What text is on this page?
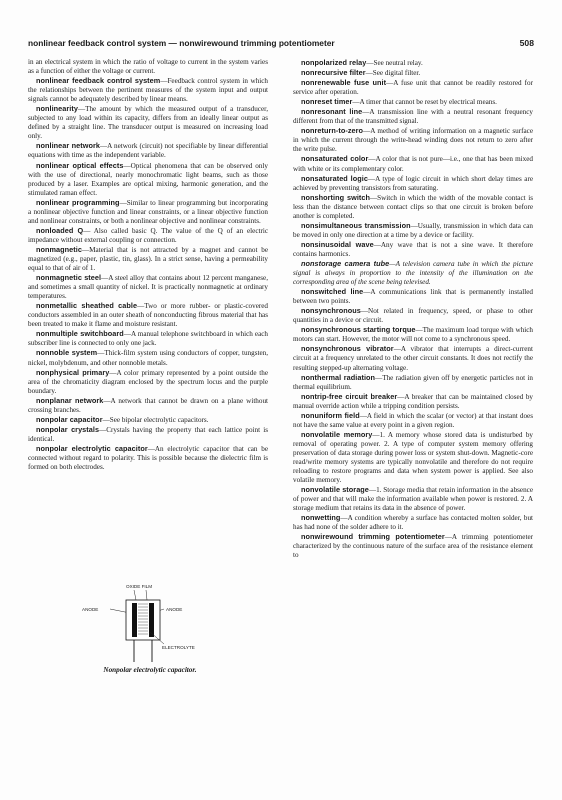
nonlinear feedback control system — nonwirewound trimming potentiometer	508

in an electrical system in which the ratio of voltage to current in the system varies as a function of either the voltage or current.

nonlinear feedback control system—Feedback control system in which the relationships between the pertinent measures of the system input and output signals cannot be adequately described by linear means.

nonlinearity—The amount by which the measured output of a transducer, subjected to any load within its capacity, differs from an ideally linear output as defined by a straight line. The transducer output is measured on increasing load only.

nonlinear network—A network (circuit) not specifiable by linear differential equations with time as the independent variable.

nonlinear optical effects—Optical phenomena that can be observed only with the use of directional, nearly monochromatic light beams, such as those produced by a laser. Examples are optical mixing, harmonic generation, and the stimulated raman effect.

nonlinear programming—Similar to linear programming but incorporating a nonlinear objective function and linear constraints, or a linear objective function and nonlinear constraints, or both a nonlinear objective and nonlinear constraints.

nonloaded Q— Also called basic Q. The value of the Q of an electric impedance without external coupling or connection.

nonmagnetic—Material that is not attracted by a magnet and cannot be magnetized (e.g., paper, plastic, tin, glass). In a strict sense, having a permeability equal to that of air of 1.

nonmagnetic steel—A steel alloy that contains about 12 percent manganese, and sometimes a small quantity of nickel. It is practically nonmagnetic at ordinary temperatures.

nonmetallic sheathed cable—Two or more rubber- or plastic-covered conductors assembled in an outer sheath of nonconducting fibrous material that has been treated to make it flame and moisture resistant.

nonmultiple switchboard—A manual telephone switchboard in which each subscriber line is connected to only one jack.

nonnoble system—Thick-film system using conductors of copper, tungsten, nickel, molybdenum, and other nonnoble metals.

nonphysical primary—A color primary represented by a point outside the area of the chromaticity diagram enclosed by the spectrum locus and the purple boundary.

nonplanar network—A network that cannot be drawn on a plane without crossing branches.

nonpolar capacitor—See bipolar electrolytic capacitors.

nonpolar crystals—Crystals having the property that each lattice point is identical.

nonpolar electrolytic capacitor—An electrolytic capacitor that can be connected without regard to polarity. This is possible because the dielectric film is formed on both electrodes.

nonpolarized relay—See neutral relay.

nonrecursive filter—See digital filter.

nonrenewable fuse unit—A fuse unit that cannot be readily restored for service after operation.

nonreset timer—A timer that cannot be reset by electrical means.

nonresonant line—A transmission line with a neutral resonant frequency different from that of the transmitted signal.

nonreturn-to-zero—A method of writing information on a magnetic surface in which the current through the write-head winding does not return to zero after the write pulse.

nonsaturated color—A color that is not pure—i.e., one that has been mixed with white or its complementary color.

nonsaturated logic—A type of logic circuit in which short delay times are achieved by preventing transistors from saturating.

nonshorting switch—Switch in which the width of the movable contact is less than the distance between contact clips so that one circuit is broken before another is completed.

nonsimultaneous transmission—Usually, transmission in which data can be moved in only one direction at a time by a device or facility.

nonsinusoidal wave—Any wave that is not a sine wave. It therefore contains harmonics.

nonstorage camera tube—A television camera tube in which the picture signal is always in proportion to the intensity of the illumination on the corresponding area of the scene being televised.

nonswitched line—A communications link that is permanently installed between two points.

nonsynchronous—Not related in frequency, speed, or phase to other quantities in a device or circuit.

nonsynchronous starting torque—The maximum load torque with which motors can start. However, the motor will not come to a synchronous speed.

nonsynchronous vibrator—A vibrator that interrupts a direct-current circuit at a frequency unrelated to the other circuit constants. It does not rectify the resulting stepped-up alternating voltage.

nonthermal radiation—The radiation given off by energetic particles not in thermal equilibrium.

nontrip-free circuit breaker—A breaker that can be maintained closed by manual override action while a tripping condition persists.

nonuniform field—A field in which the scalar (or vector) at that instant does not have the same value at every point in a given region.

nonvolatile memory—1. A memory whose stored data is undisturbed by removal of operating power. 2. A type of computer system memory offering preservation of data storage during power loss or system shut-down. Magnetic-core read/write memory systems are typically nonvolatile and therefore do not require reloading to restore programs and data when system power is applied. See also volatile memory.

nonvolatile storage—1. Storage media that retain information in the absence of power and that will make the information available when power is restored. 2. A storage medium that retains its data in the absence of power.

nonwetting—A condition whereby a surface has contacted molten solder, but has had none of the solder adhere to it.

nonwirewound trimming potentiometer—A trimming potentiometer characterized by the continuous nature of the surface area of the resistance element to

OXIDE FILM
ANODE	ANODE
ELECTROLYTE
Nonpolar electrolytic capacitor.
